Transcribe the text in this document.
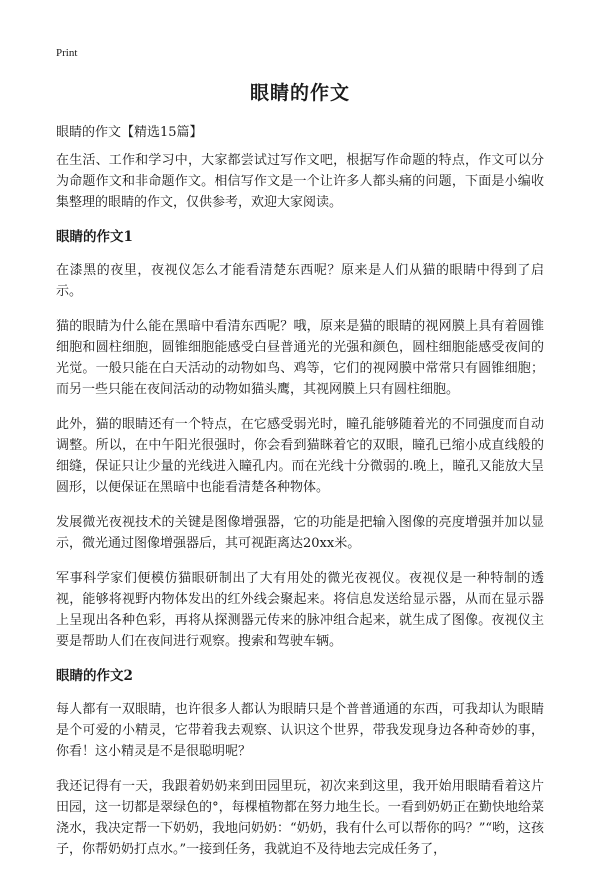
Print
眼睛的作文
眼睛的作文【精选15篇】

在生活、工作和学习中，大家都尝试过写作文吧，根据写作命题的特点，作文可以分为命题作文和非命题作文。相信写作文是一个让许多人都头痛的问题，下面是小编收集整理的眼睛的作文，仅供参考，欢迎大家阅读。

眼睛的作文1

在漆黑的夜里，夜视仪怎么才能看清楚东西呢？原来是人们从猫的眼睛中得到了启示。

猫的眼睛为什么能在黑暗中看清东西呢？哦，原来是猫的眼睛的视网膜上具有着圆锥细胞和圆柱细胞，圆锥细胞能感受白昼普通光的光强和颜色，圆柱细胞能感受夜间的光觉。一般只能在白天活动的动物如鸟、鸡等，它们的视网膜中常常只有圆锥细胞；而另一些只能在夜间活动的动物如猫头鹰，其视网膜上只有圆柱细胞。

此外，猫的眼睛还有一个特点，在它感受弱光时，瞳孔能够随着光的不同强度而自动调整。所以，在中午阳光很强时，你会看到猫眯着它的双眼，瞳孔已缩小成直线般的细缝，保证只让少量的光线进入瞳孔内。而在光线十分微弱的.晚上，瞳孔又能放大呈圆形，以便保证在黑暗中也能看清楚各种物体。

发展微光夜视技术的关键是图像增强器，它的功能是把输入图像的亮度增强并加以显示，微光通过图像增强器后，其可视距离达20xx米。

军事科学家们便模仿猫眼研制出了大有用处的微光夜视仪。夜视仪是一种特制的透视，能够将视野内物体发出的红外线会聚起来。将信息发送给显示器，从而在显示器上呈现出各种色彩，再将从探测器元传来的脉冲组合起来，就生成了图像。夜视仪主要是帮助人们在夜间进行观察。搜索和驾驶车辆。

眼睛的作文2

每人都有一双眼睛，也许很多人都认为眼睛只是个普普通通的东西，可我却认为眼睛是个可爱的小精灵，它带着我去观察、认识这个世界，带我发现身边各种奇妙的事，你看！这小精灵是不是很聪明呢？

我还记得有一天，我跟着奶奶来到田园里玩，初次来到这里，我开始用眼睛看着这片田园，这一切都是翠绿色的°，每棵植物都在努力地生长。一看到奶奶正在勤快地给菜浇水，我决定帮一下奶奶，我地问奶奶：“奶奶，我有什么可以帮你的吗？”“哟，这孩子，你帮奶奶打点水。”一接到任务，我就迫不及待地去完成任务了，
